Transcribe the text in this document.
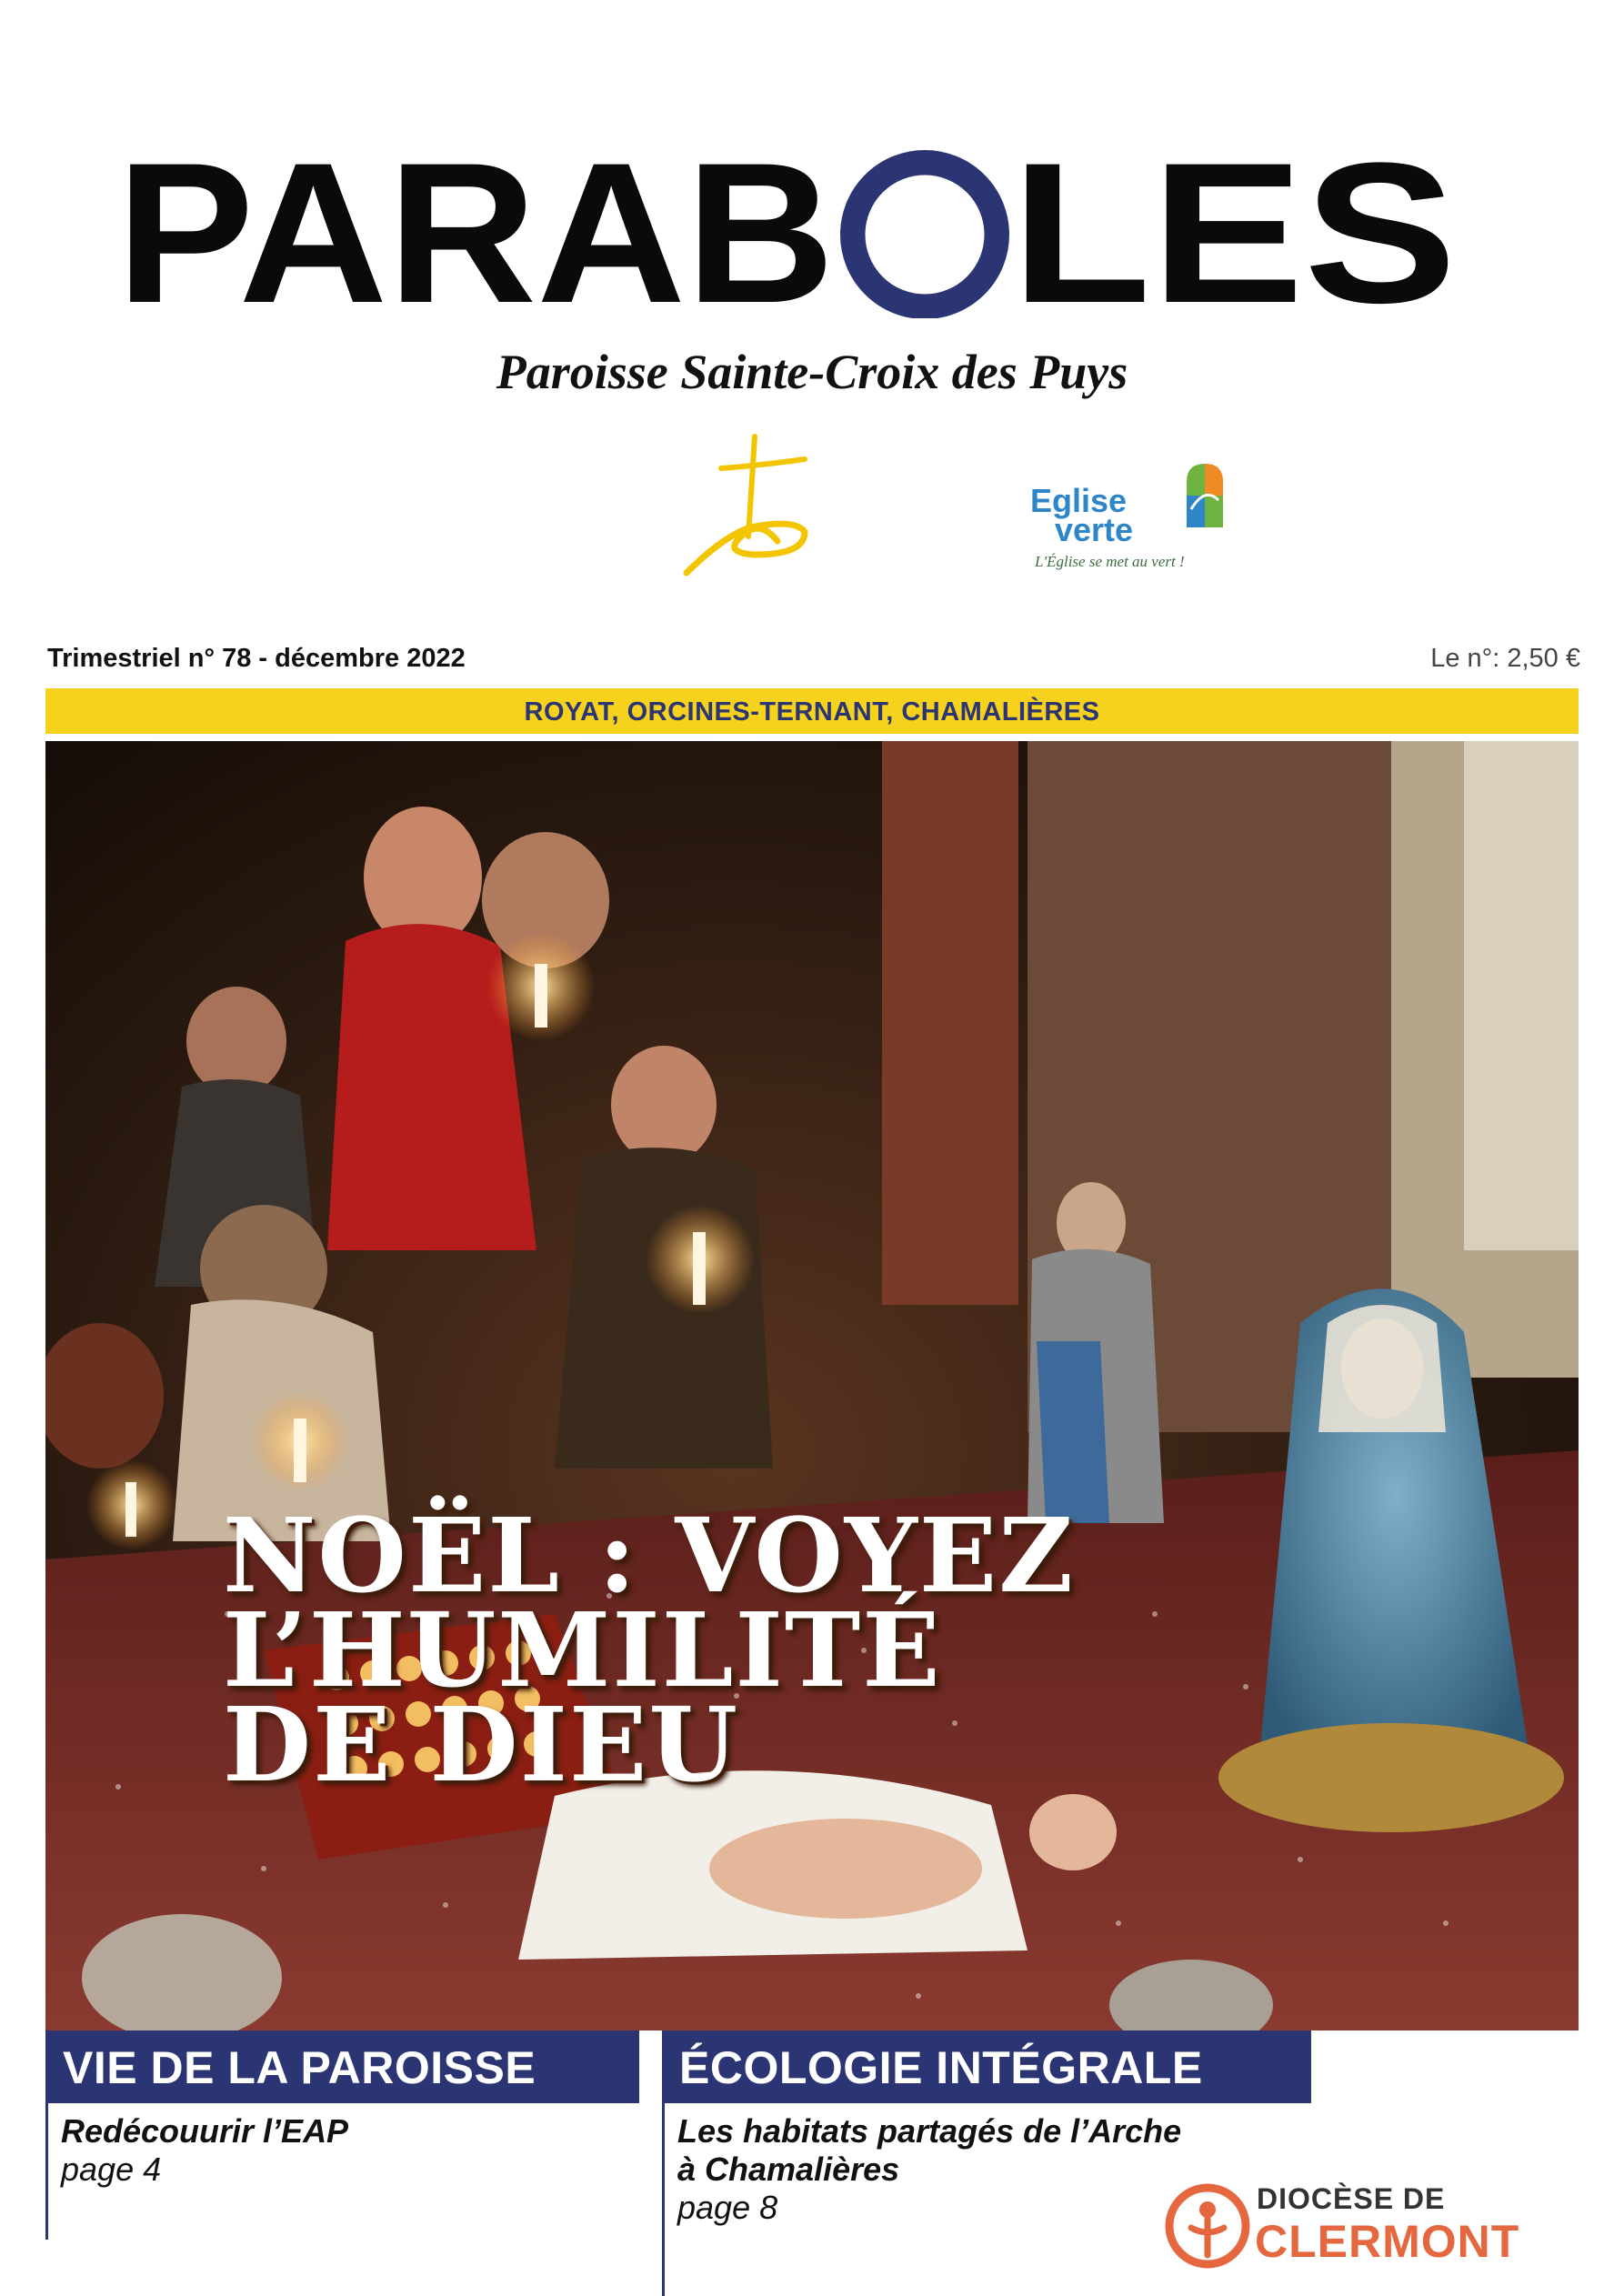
PARAB LES
Paroisse Sainte-Croix des Puys
Eglise
verte
L'Église se met au vert !
Trimestriel n° 78 - décembre 2022	Le n°: 2,50 €
ROYAT, ORCINES-TERNANT, CHAMALIÈRES
NOËL : VOYEZ
L’HUMILITÉ
DE DIEU
VIE DE LA PAROISSE
Redécouurir l’EAP
page 4
ÉCOLOGIE INTÉGRALE
Les habitats partagés de l’Arche
à Chamalières
page 8	DIOCÈSE DE
CLERMONT
